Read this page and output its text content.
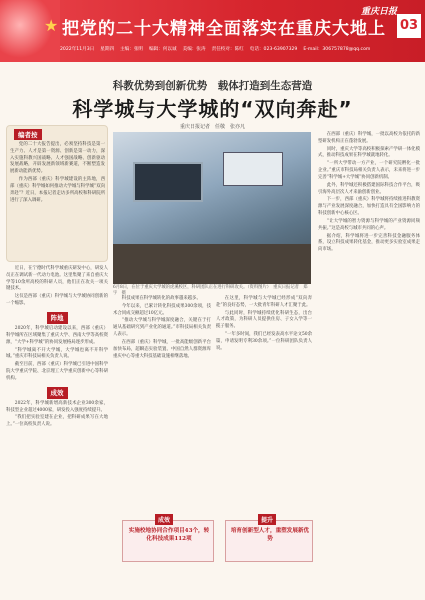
★ 把党的二十大精神全面落实在重庆大地上
重庆日报
03
2022年11月3日 星期四 主编：张明 编辑：何以诚 美编：张涛 责任校对：陈红 电话：023-63907329 E-mail：306757878@qq.com
科教优势到创新优势　载体打造到生态营造
科学城与大学城的“双向奔赴”
重庆日报记者　任敬　张亦凡
编者按

党的二十大报告提出，必须坚持科技是第一生产力、人才是第一资源、创新是第一动力，深入实施科教兴国战略、人才强国战略、创新驱动发展战略，开辟发展新领域新赛道，不断塑造发展新动能新优势。

作为西部（重庆）科学城建设的主阵地，西部（重庆）科学城如何推动大学城与科学城“双向奔赴”？近日，本报记者走访多所高校和科研院所进行了深入调研。

6月8日，在位于重庆大学城的虎溪校区，科研团队正在进行科研攻关。（资料图片）　重庆日报记者　郑宇　摄

近日，在宁德时代科学城重庆研发中心，研发人员正在调试新一代动力电池。这里集聚了来自重庆大学等10余所高校的科研人员，他们正在攻关一项关键技术。

这仅是西部（重庆）科学城与大学城协同创新的一个缩影。

阵地

2020年，科学城启动建设以来，西部（重庆）科学城所在区域聚集了重庆大学、西南大学等高校资源，“大学+科学城”的协同发展格局逐步形成。

“科学城离不开大学城，大学城也离不开科学城。”重庆市科技局相关负责人说。

截至目前，西部（重庆）科学城已引进中国科学院大学重庆学院、北京理工大学重庆创新中心等科研机构。

成效

2022年，科学城新增高新技术企业300余家，科技型企业超过4000家，研发投入强度持续提升。

“我们把实验室建在企业，把科研成果写在大地上。”一位高校负责人说。

科技成果在科学城转化的故事越来越多。

今年以来，已累计转化科技成果300余项，技术合同成交额超过10亿元。

“推动大学城与科学城深度融合，关键在于打通从基础研究到产业化的通道。”市科技局相关负责人表示。

在西部（重庆）科学城，一批高能级创新平台加快布局，超瞬态实验装置、中国自然人群资源库重庆中心等重大科技基础设施相继落地。

在这里，科学城与大学城已经形成“双向奔赴”的良好态势，一大批青年科研人才汇聚于此。

与此同时，科学城持续优化科研生态，出台人才政策，为科研人员提供住房、子女入学等一揽子服务。

“一年多时间，我们已经发表高水平论文50余篇，申请发明专利30余项。”一位科研团队负责人说。

在西部（重庆）科学城，一批以高校为依托的新型研发机构正在蓬勃发展。

同时，重庆大学等高校积极探索产学研一体化模式，推动科技成果在科学城就地转化。

“一所大学带动一方产业，一个研究院孵化一批企业。”重庆市科技局相关负责人表示，未来将进一步完善“科学城+大学城”协同创新机制。

此外，科学城还积极搭建国际科技合作平台，吸引海外高层次人才来渝创新创业。

下一步，西部（重庆）科学城将持续推进科教资源与产业发展深度融合，加快打造具有全国影响力的科技创新中心核心区。

“让大学城的智力资源与科学城的产业资源同频共振。”这是高校与城市共同的心声。

据介绍，科学城将进一步完善科技金融服务体系，设立科技成果转化基金，推动更多实验室成果走向市场。

成效
实施校地协同合作项目43个，转化科技成果112项
提升
培育创新型人才，重塑发展新优势
